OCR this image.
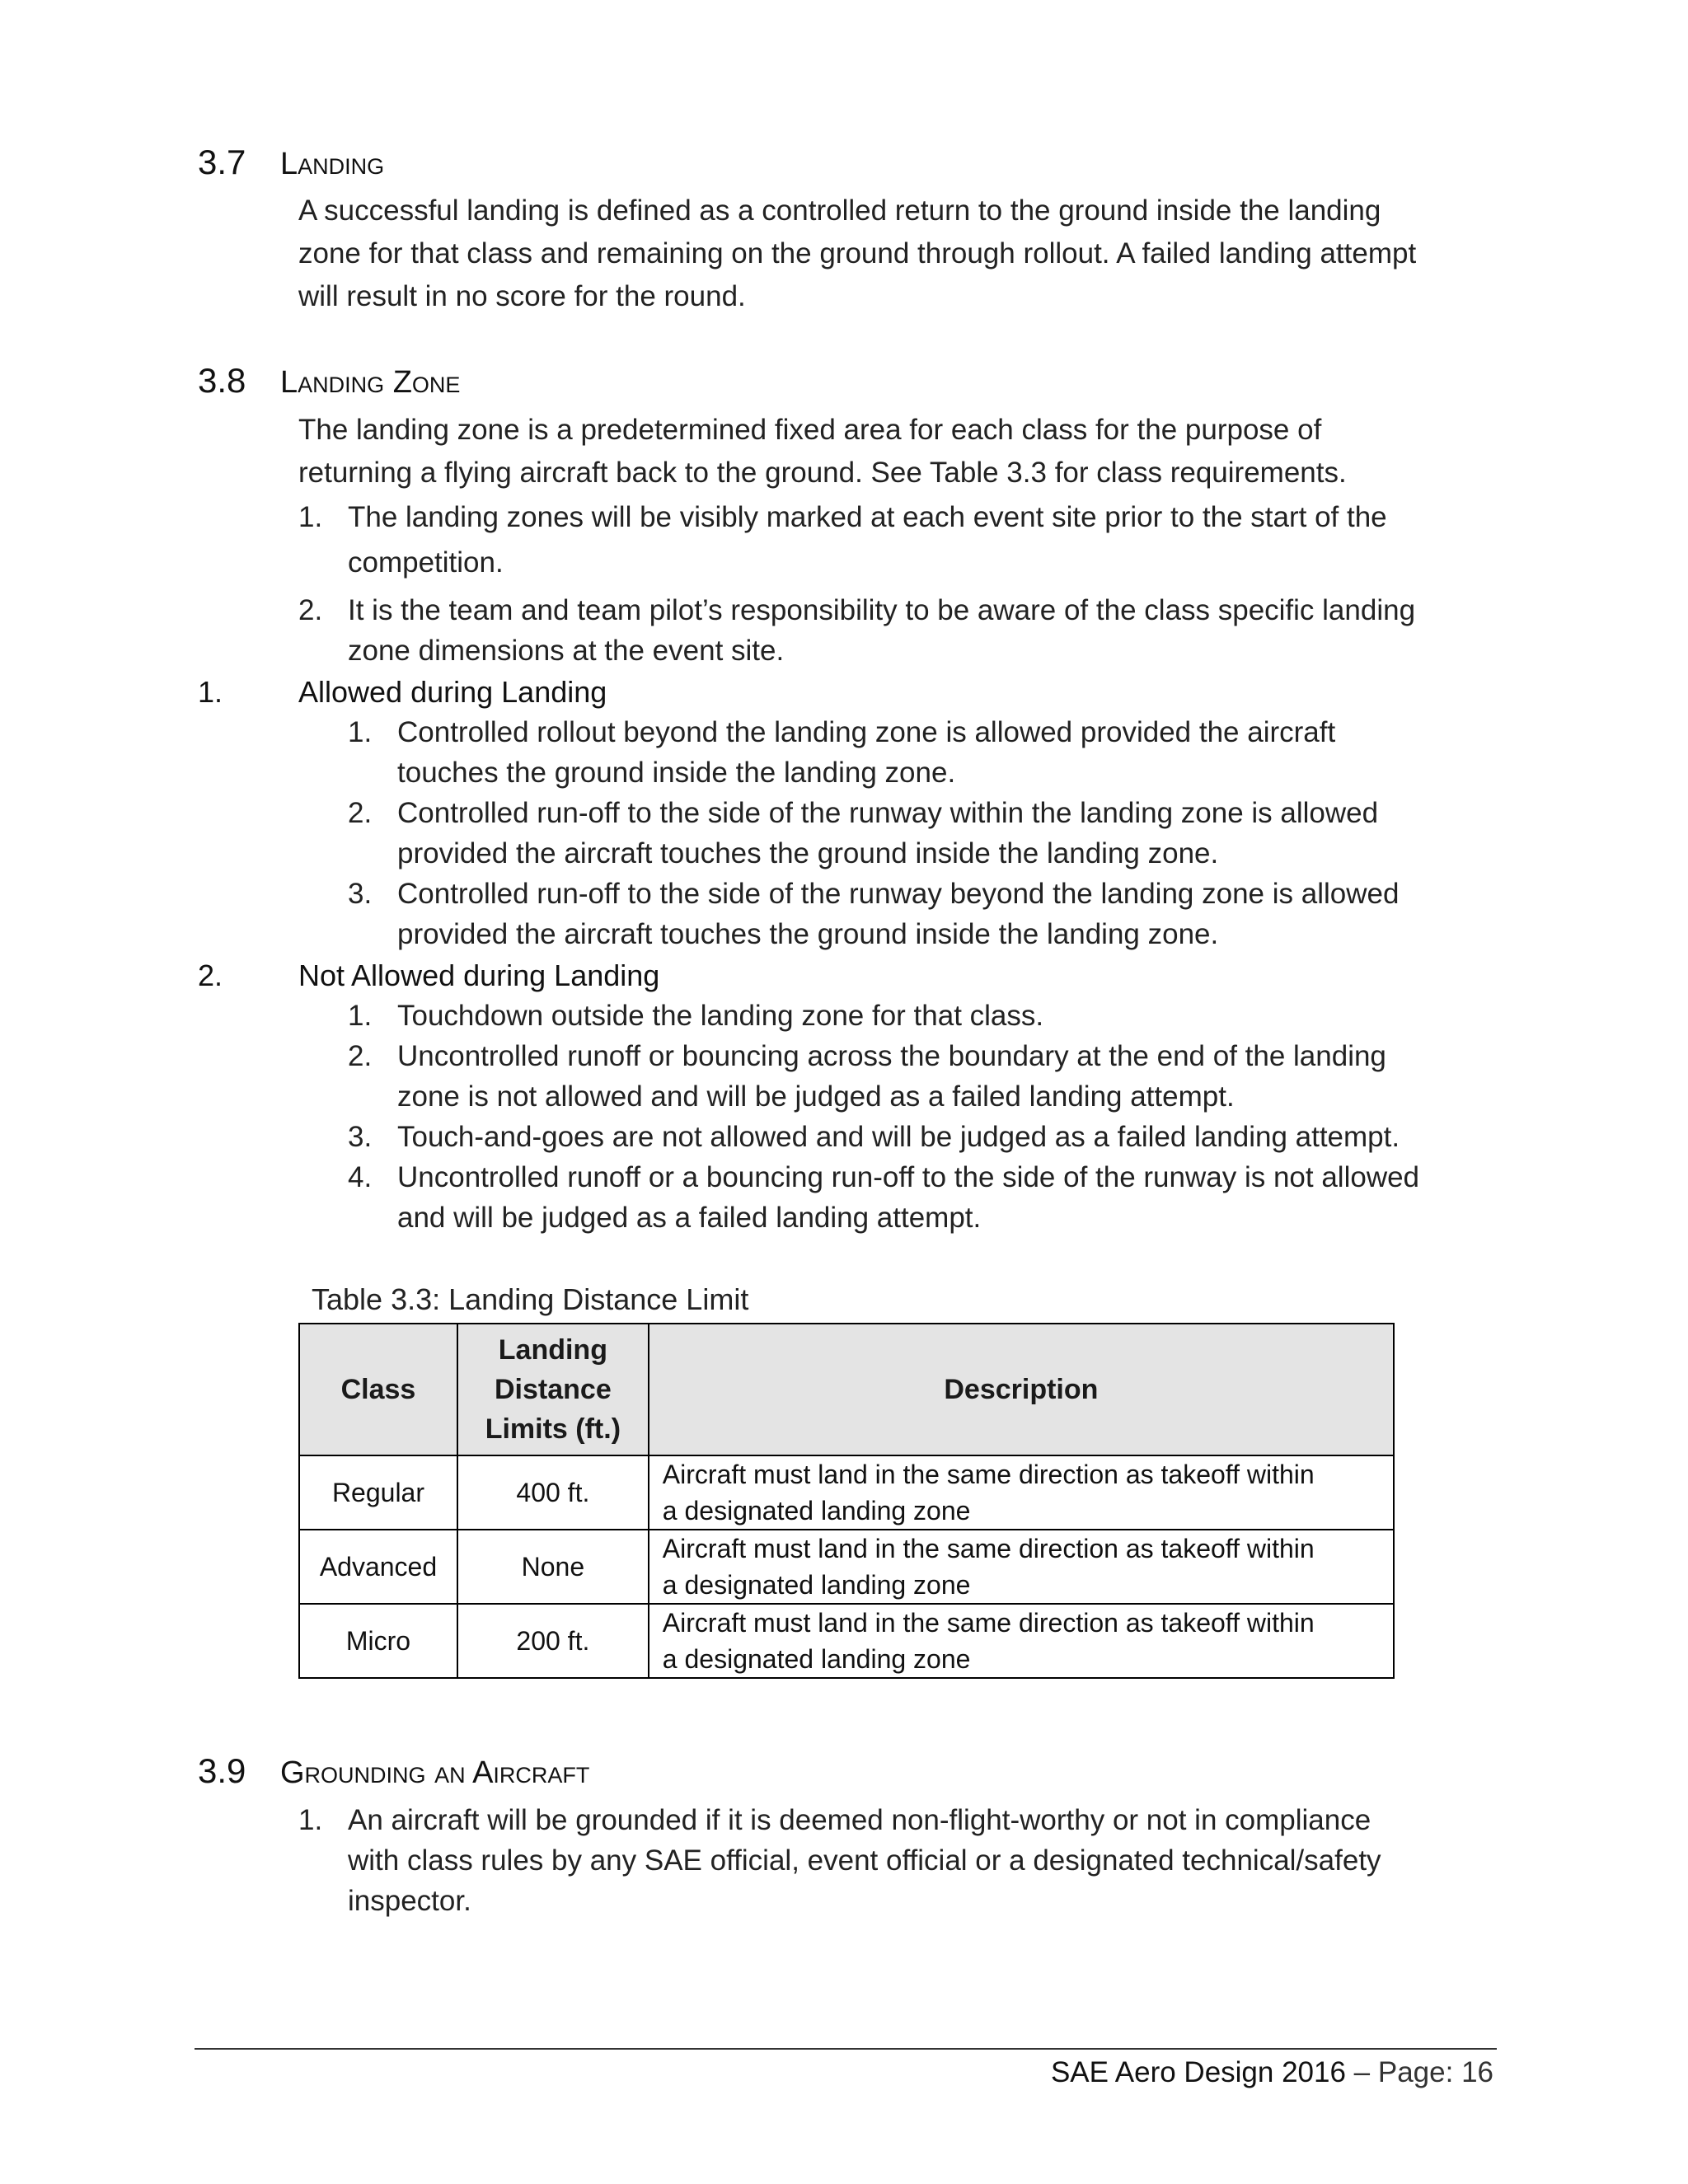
3.7 Landing
A successful landing is defined as a controlled return to the ground inside the landing
zone for that class and remaining on the ground through rollout. A failed landing attempt
will result in no score for the round.
3.8 Landing Zone
The landing zone is a predetermined fixed area for each class for the purpose of
returning a flying aircraft back to the ground. See Table 3.3 for class requirements.
1. The landing zones will be visibly marked at each event site prior to the start of the
competition.
2. It is the team and team pilot’s responsibility to be aware of the class specific landing
zone dimensions at the event site.
1.	Allowed during Landing
1. Controlled rollout beyond the landing zone is allowed provided the aircraft
touches the ground inside the landing zone.
2. Controlled run-off to the side of the runway within the landing zone is allowed
provided the aircraft touches the ground inside the landing zone.
3. Controlled run-off to the side of the runway beyond the landing zone is allowed
provided the aircraft touches the ground inside the landing zone.
2.	Not Allowed during Landing
1. Touchdown outside the landing zone for that class.
2. Uncontrolled runoff or bouncing across the boundary at the end of the landing
zone is not allowed and will be judged as a failed landing attempt.
3. Touch-and-goes are not allowed and will be judged as a failed landing attempt.
4. Uncontrolled runoff or a bouncing run-off to the side of the runway is not allowed
and will be judged as a failed landing attempt.
Table 3.3: Landing Distance Limit
Class	Landing
Distance
Limits (ft.)	Description
Regular	400 ft.	Aircraft must land in the same direction as takeoff within
a designated landing zone

Advanced	None	Aircraft must land in the same direction as takeoff within
a designated landing zone

Micro	200 ft.	Aircraft must land in the same direction as takeoff within
a designated landing zone
3.9 Grounding an Aircraft
1. An aircraft will be grounded if it is deemed non-flight-worthy or not in compliance
with class rules by any SAE official, event official or a designated technical/safety
inspector.
SAE Aero Design 2016 – Page: 16
